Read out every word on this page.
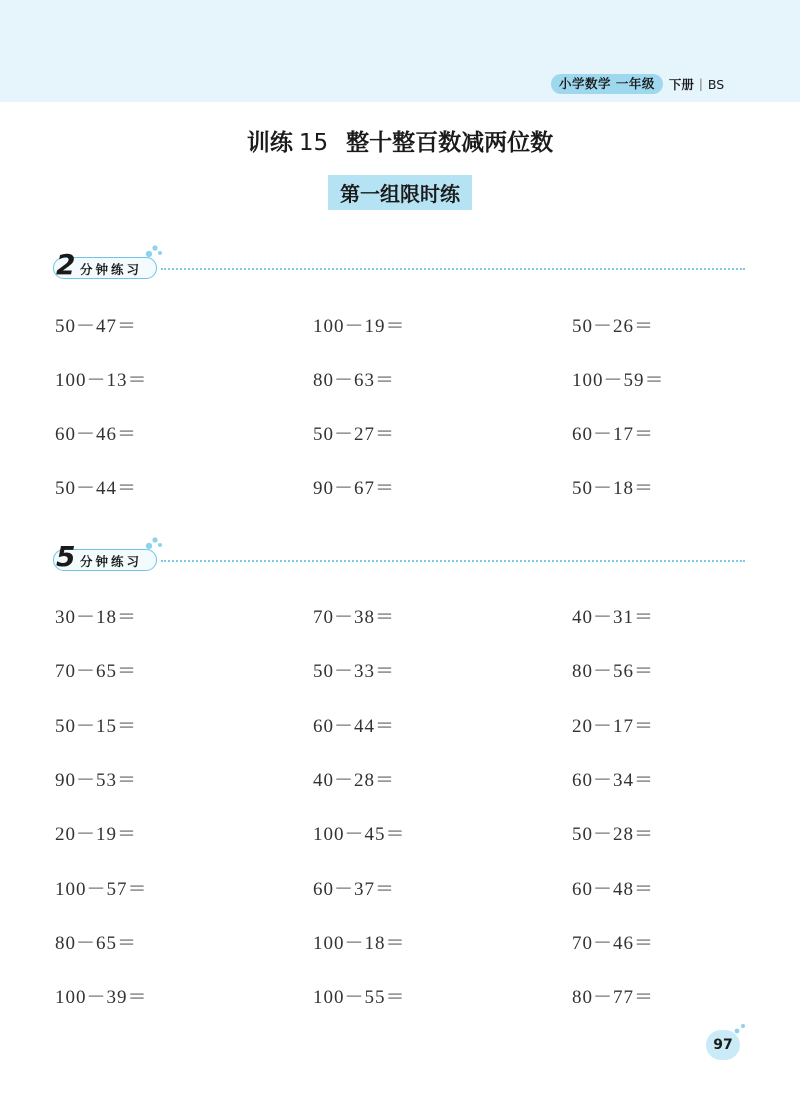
小学数学 一年级	下册 | BS
训练 15 整十整百数减两位数
第一组限时练
2 分钟练习
5 分钟练习
50－47＝	100－19＝	50－26＝
100－13＝	80－63＝	100－59＝
60－46＝	50－27＝	60－17＝
50－44＝	90－67＝	50－18＝
30－18＝	70－38＝	40－31＝
70－65＝	50－33＝	80－56＝
50－15＝	60－44＝	20－17＝
90－53＝	40－28＝	60－34＝
20－19＝	100－45＝	50－28＝
100－57＝	60－37＝	60－48＝
80－65＝	100－18＝	70－46＝
100－39＝	100－55＝	80－77＝
97
